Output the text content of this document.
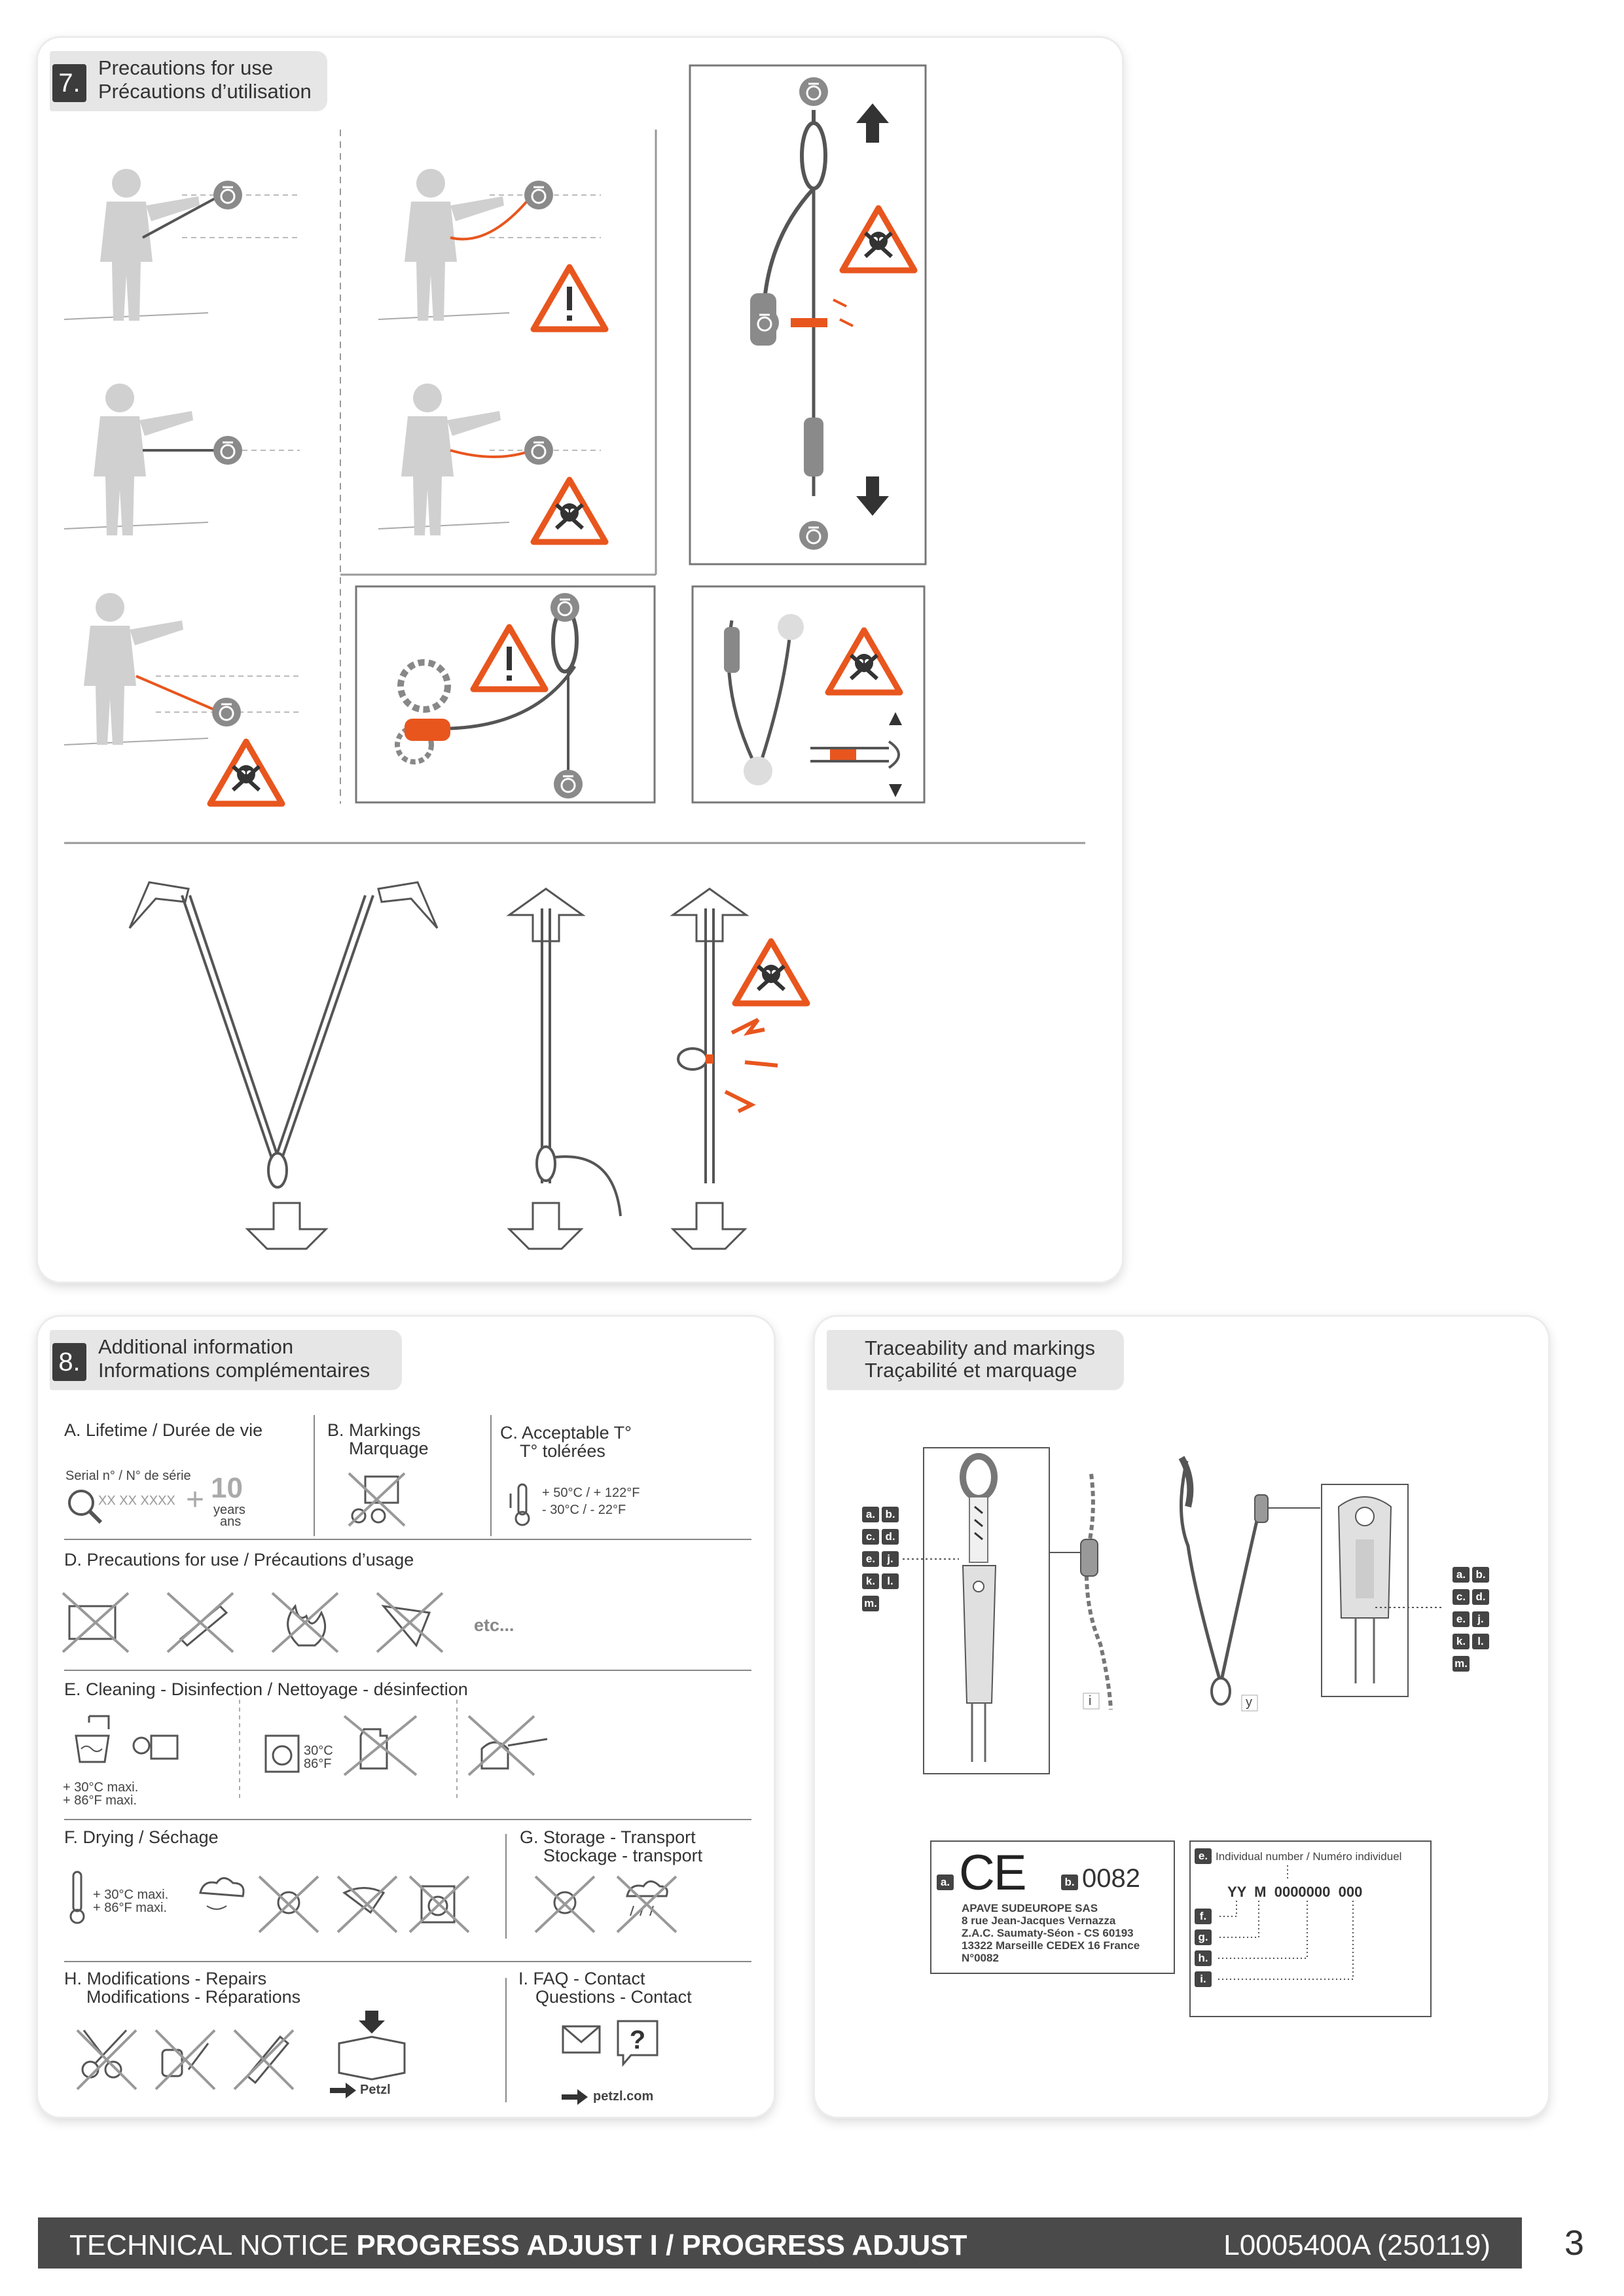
7.
Precautions for use
Précautions d’utilisation
8.
Additional information
Informations complémentaires
A. Lifetime / Durée de vie
Serial n° / N° de série
XX XX XXXX + 10
years
ans
B. Markings
Marquage
C. Acceptable T°
T° tolérées
+ 50°C / + 122°F
- 30°C / - 22°F
D. Precautions for use / Précautions d’usage
etc...
E. Cleaning - Disinfection / Nettoyage - désinfection
+ 30°C maxi.
+ 86°F maxi.
30°C
86°F
F. Drying / Séchage
+ 30°C maxi.
+ 86°F maxi.
G. Storage - Transport
Stockage - transport
H. Modifications - Repairs
Modifications - Réparations
Petzl
I. FAQ - Contact
Questions - Contact
?
petzl.com
Traceability and markings
Traçabilité et marquage
a. b.
c. d.
e.	j.
k.	l.
m.
i	y
a. b.
c. d.
e.	j.
k.	l.
m.
a. CE	b. 0082
APAVE SUDEUROPE SAS
8 rue Jean-Jacques Vernazza
Z.A.C. Saumaty-Séon - CS 60193
13322 Marseille CEDEX 16 France
N°0082
e. Individual number / Numéro individuel
YY  M  0000000  000
f.
g.
h.
i.
TECHNICAL NOTICE PROGRESS ADJUST I / PROGRESS ADJUST	L0005400A (250119) 3
